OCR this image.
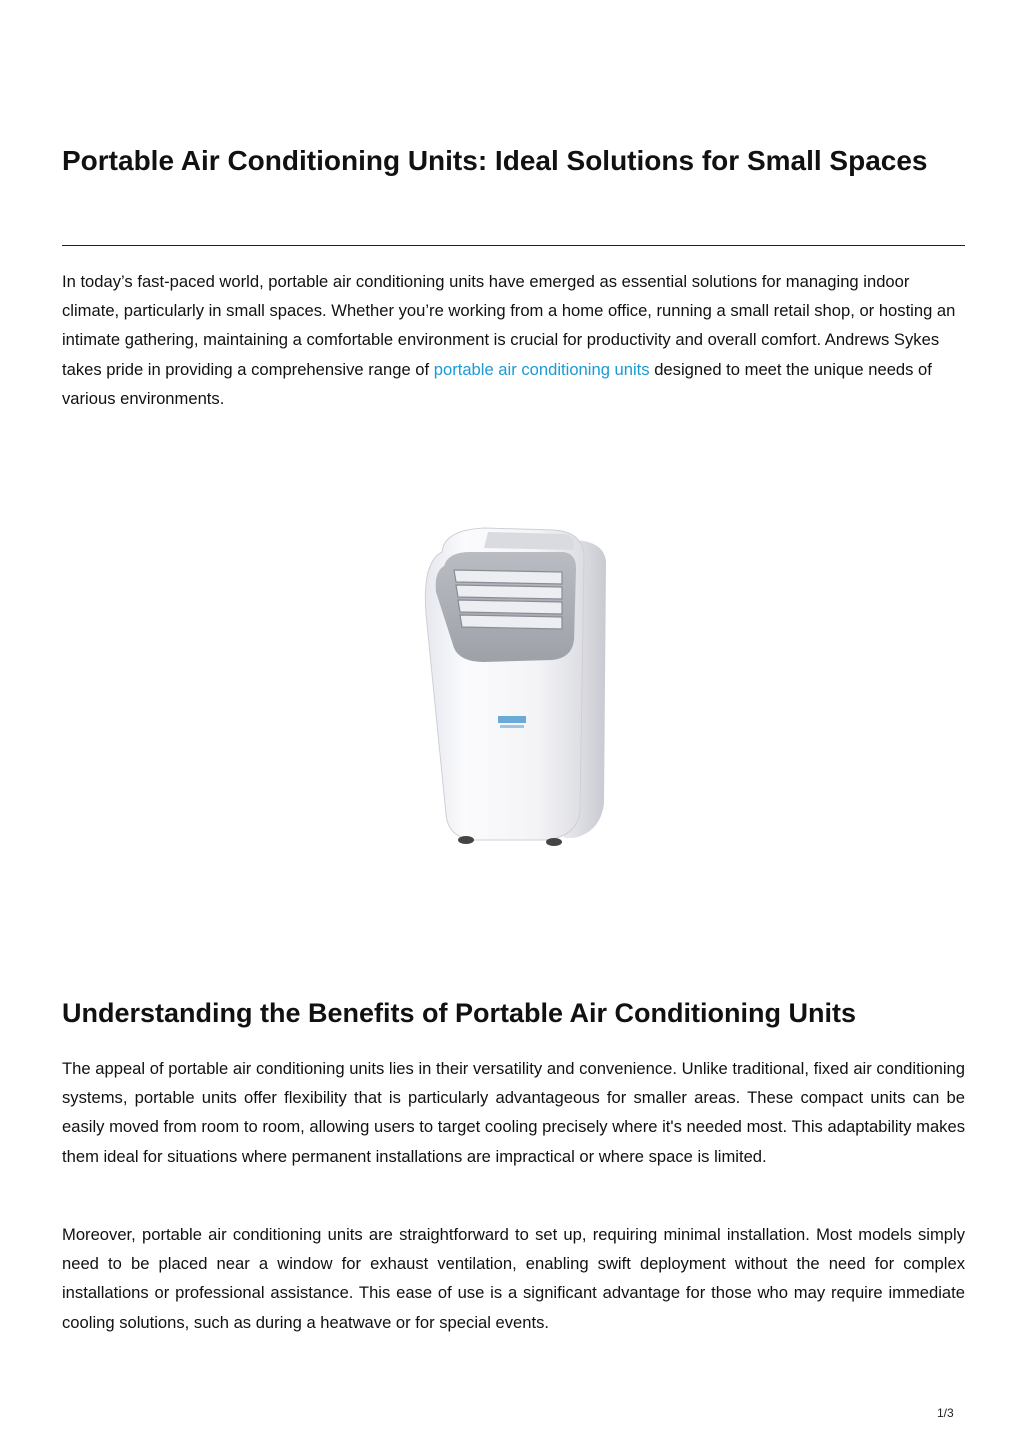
Portable Air Conditioning Units: Ideal Solutions for Small Spaces

In today’s fast-paced world, portable air conditioning units have emerged as essential solutions for managing indoor climate, particularly in small spaces. Whether you’re working from a home office, running a small retail shop, or hosting an intimate gathering, maintaining a comfortable environment is crucial for productivity and overall comfort. Andrews Sykes takes pride in providing a comprehensive range of portable air conditioning units designed to meet the unique needs of various environments.

Understanding the Benefits of Portable Air Conditioning Units

The appeal of portable air conditioning units lies in their versatility and convenience. Unlike traditional, fixed air conditioning systems, portable units offer flexibility that is particularly advantageous for smaller areas. These compact units can be easily moved from room to room, allowing users to target cooling precisely where it's needed most. This adaptability makes them ideal for situations where permanent installations are impractical or where space is limited.

Moreover, portable air conditioning units are straightforward to set up, requiring minimal installation. Most models simply need to be placed near a window for exhaust ventilation, enabling swift deployment without the need for complex installations or professional assistance. This ease of use is a significant advantage for those who may require immediate cooling solutions, such as during a heatwave or for special events.

1/3
